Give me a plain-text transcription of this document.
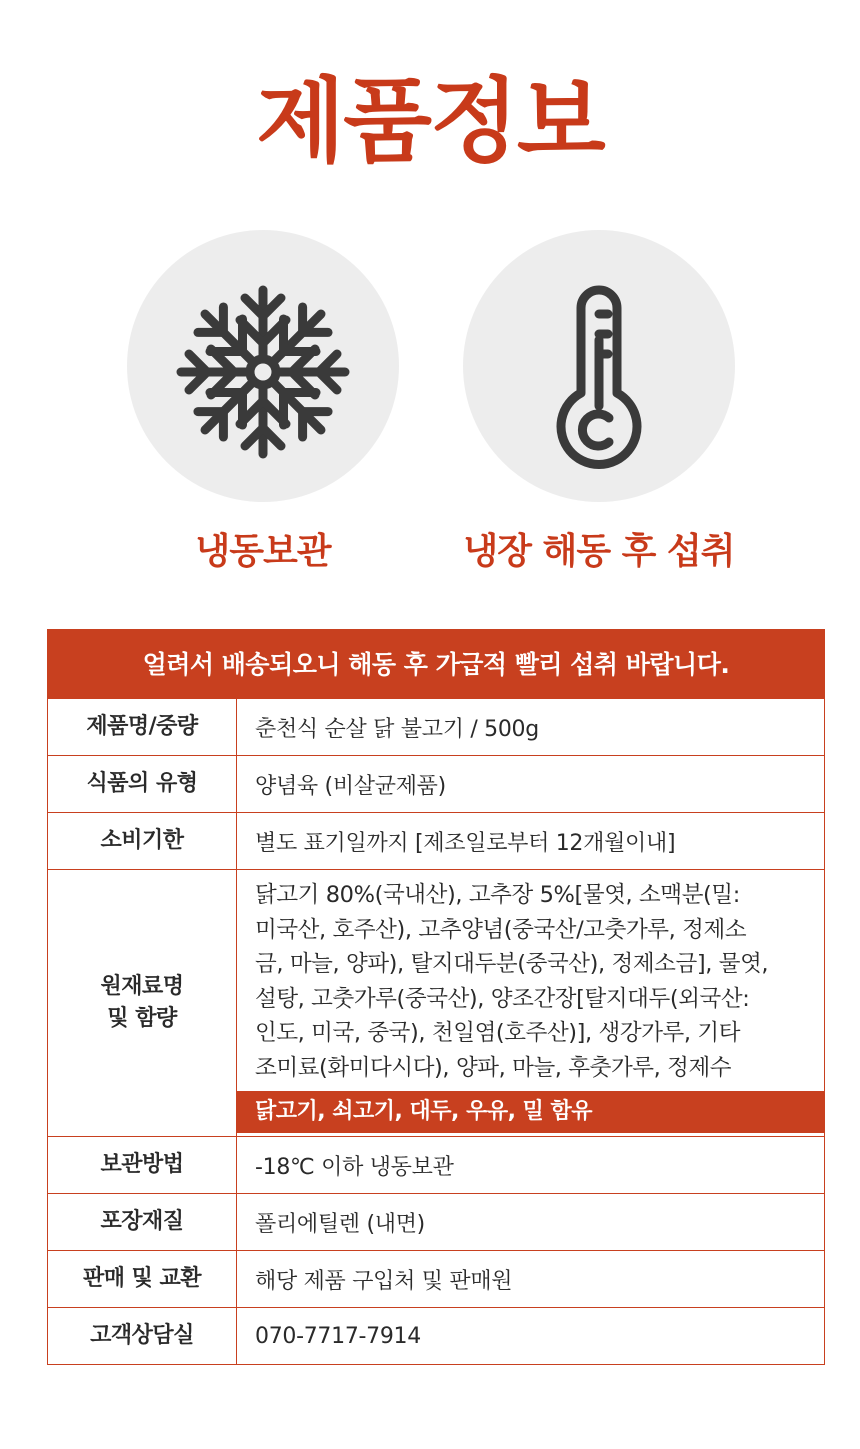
제품정보
냉동보관	냉장 해동 후 섭취
얼려서 배송되오니 해동 후 가급적 빨리 섭취 바랍니다.
제품명/중량	춘천식 순살 닭 불고기 / 500g
식품의 유형	양념육 (비살균제품)
소비기한	별도 표기일까지 [제조일로부터 12개월이내]
원재료명
및 함량
닭고기 80%(국내산), 고추장 5%[물엿, 소맥분(밀:
미국산, 호주산), 고추양념(중국산/고춧가루, 정제소
금, 마늘, 양파), 탈지대두분(중국산), 정제소금], 물엿,
설탕, 고춧가루(중국산), 양조간장[탈지대두(외국산:
인도, 미국, 중국), 천일염(호주산)], 생강가루, 기타
조미료(화미다시다), 양파, 마늘, 후춧가루, 정제수
닭고기, 쇠고기, 대두, 우유, 밀 함유
보관방법	-18℃ 이하 냉동보관
포장재질	폴리에틸렌 (내면)
판매 및 교환	해당 제품 구입처 및 판매원
고객상담실	070-7717-7914
